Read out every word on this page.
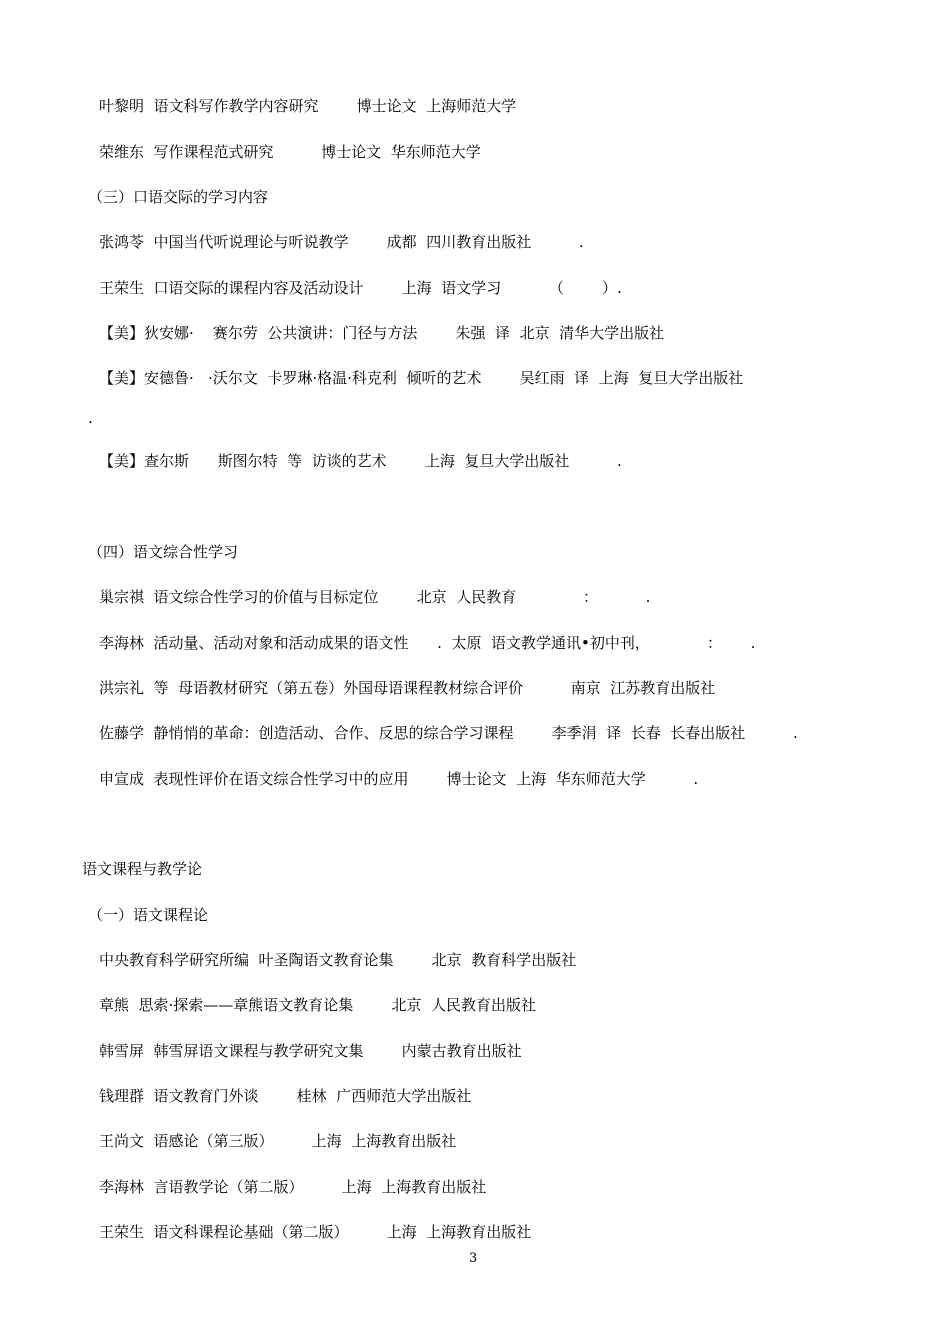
叶黎明  语文科写作教学内容研究        博士论文  上海师范大学
荣维东  写作课程范式研究          博士论文  华东师范大学
（三）口语交际的学习内容
张鸿苓  中国当代听说理论与听说教学        成都  四川教育出版社          .
王荣生  口语交际的课程内容及活动设计        上海  语文学习          （        ）.
【美】狄安娜·    赛尔劳  公共演讲：门径与方法        朱强  译  北京  清华大学出版社
【美】安德鲁·   ·沃尔文  卡罗琳·格温·科克利  倾听的艺术        吴红雨  译  上海  复旦大学出版社
.
【美】查尔斯      斯图尔特  等  访谈的艺术        上海  复旦大学出版社          .
（四）语文综合性学习
巢宗祺  语文综合性学习的价值与目标定位        北京  人民教育              ：          .
李海林  活动量、活动对象和活动成果的语文性      .  太原  语文教学通讯•初中刊，            ：      .
洪宗礼  等  母语教材研究（第五卷）外国母语课程教材综合评价          南京  江苏教育出版社
佐藤学  静悄悄的革命：创造活动、合作、反思的综合学习课程        李季涓  译  长春  长春出版社          .
申宣成  表现性评价在语文综合性学习中的应用        博士论文  上海  华东师范大学          .
语文课程与教学论
（一）语文课程论
中央教育科学研究所编  叶圣陶语文教育论集        北京  教育科学出版社
章熊  思索·探索——章熊语文教育论集        北京  人民教育出版社
韩雪屏  韩雪屏语文课程与教学研究文集        内蒙古教育出版社
钱理群  语文教育门外谈        桂林  广西师范大学出版社
王尚文  语感论（第三版）        上海  上海教育出版社
李海林  言语教学论（第二版）        上海  上海教育出版社
王荣生  语文科课程论基础（第二版）        上海  上海教育出版社
3
